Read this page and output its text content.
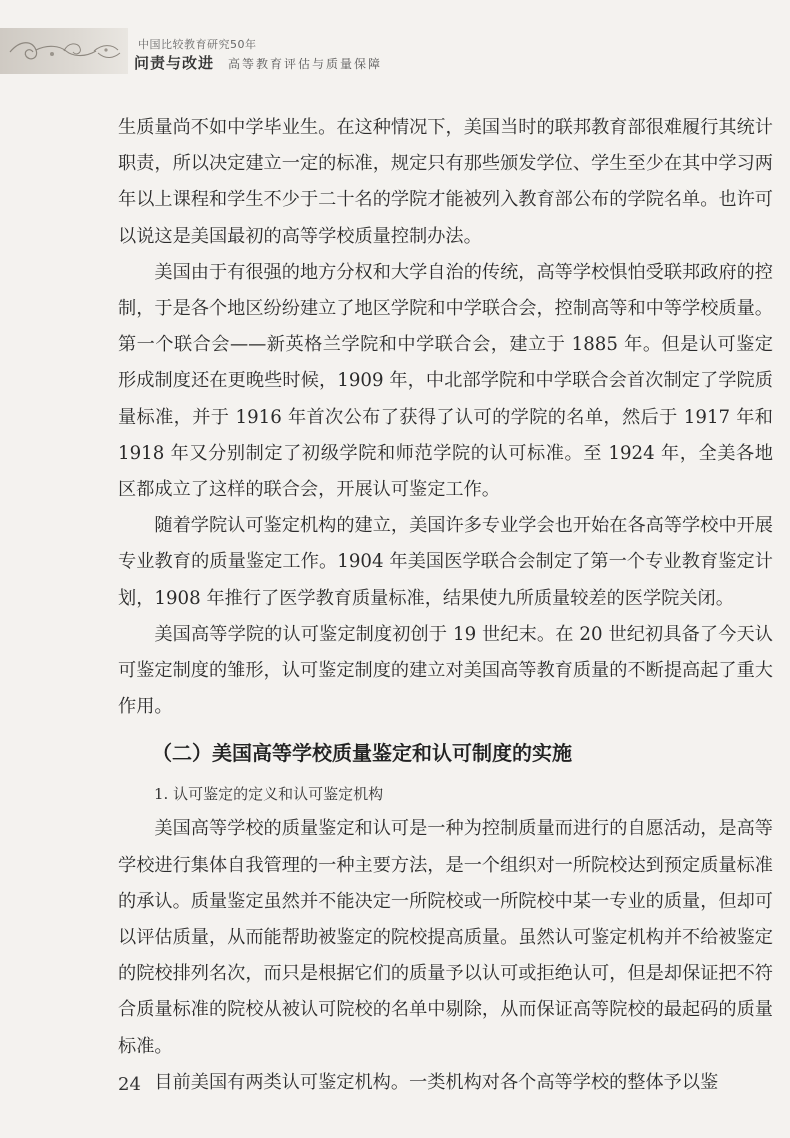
中国比较教育研究50年
问责与改进 高等教育评估与质量保障

生质量尚不如中学毕业生。在这种情况下，美国当时的联邦教育部很难履行其统计职责，所以决定建立一定的标准，规定只有那些颁发学位、学生至少在其中学习两年以上课程和学生不少于二十名的学院才能被列入教育部公布的学院名单。也许可以说这是美国最初的高等学校质量控制办法。

美国由于有很强的地方分权和大学自治的传统，高等学校惧怕受联邦政府的控制，于是各个地区纷纷建立了地区学院和中学联合会，控制高等和中等学校质量。第一个联合会——新英格兰学院和中学联合会，建立于 1885 年。但是认可鉴定形成制度还在更晚些时候，1909 年，中北部学院和中学联合会首次制定了学院质量标准，并于 1916 年首次公布了获得了认可的学院的名单，然后于 1917 年和 1918 年又分别制定了初级学院和师范学院的认可标准。至 1924 年，全美各地区都成立了这样的联合会，开展认可鉴定工作。

随着学院认可鉴定机构的建立，美国许多专业学会也开始在各高等学校中开展专业教育的质量鉴定工作。1904 年美国医学联合会制定了第一个专业教育鉴定计划，1908 年推行了医学教育质量标准，结果使九所质量较差的医学院关闭。

美国高等学院的认可鉴定制度初创于 19 世纪末。在 20 世纪初具备了今天认可鉴定制度的雏形，认可鉴定制度的建立对美国高等教育质量的不断提高起了重大作用。

（二）美国高等学校质量鉴定和认可制度的实施
1. 认可鉴定的定义和认可鉴定机构

美国高等学校的质量鉴定和认可是一种为控制质量而进行的自愿活动，是高等学校进行集体自我管理的一种主要方法，是一个组织对一所院校达到预定质量标准的承认。质量鉴定虽然并不能决定一所院校或一所院校中某一专业的质量，但却可以评估质量，从而能帮助被鉴定的院校提高质量。虽然认可鉴定机构并不给被鉴定的院校排列名次，而只是根据它们的质量予以认可或拒绝认可，但是却保证把不符合质量标准的院校从被认可院校的名单中剔除，从而保证高等院校的最起码的质量标准。

目前美国有两类认可鉴定机构。一类机构对各个高等学校的整体予以鉴

24
